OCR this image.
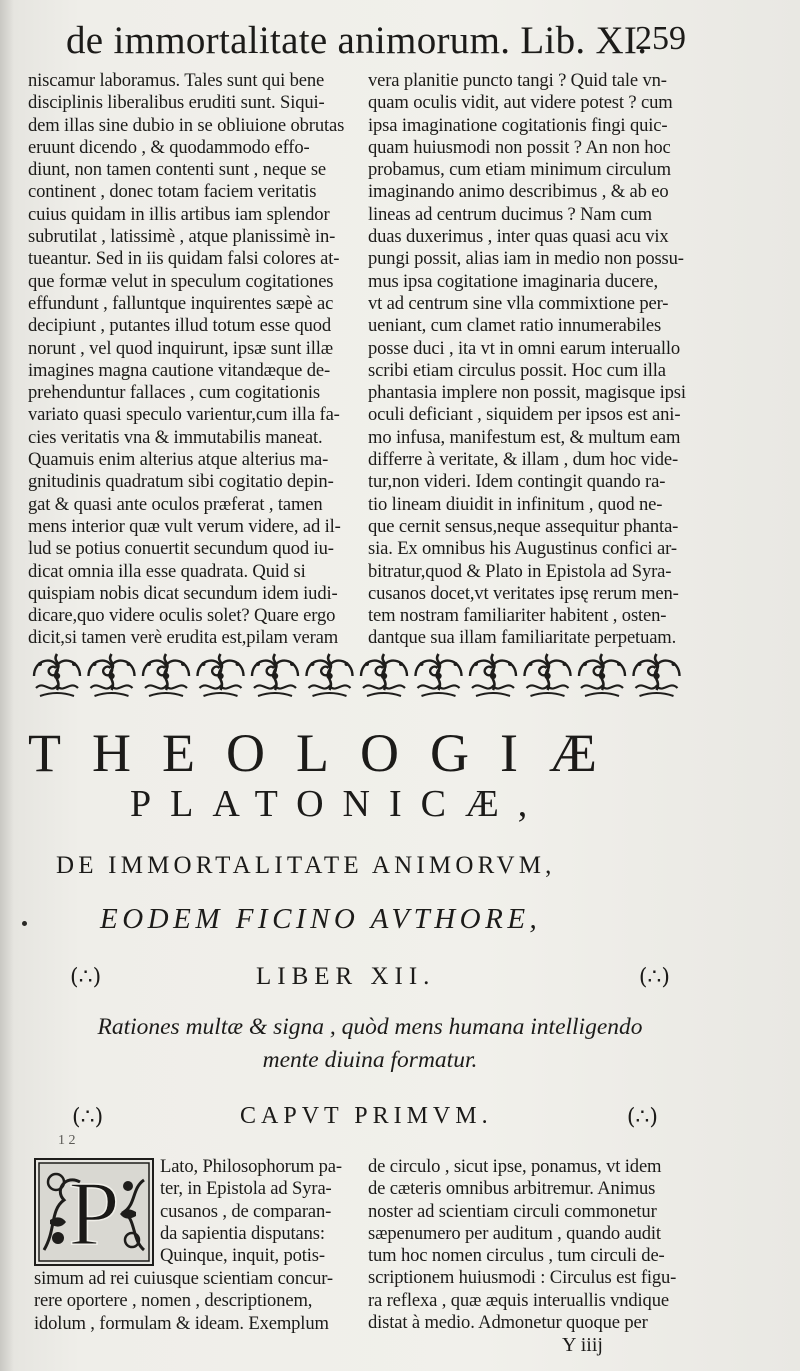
de immortalitate animorum. Lib. XI.
259
niscamur laboramus. Tales sunt qui bene
disciplinis liberalibus eruditi sunt. Siqui-
dem illas sine dubio in se obliuione obrutas
eruunt dicendo , & quodammodo effo-
diunt, non tamen contenti sunt , neque se
continent , donec totam faciem veritatis
cuius quidam in illis artibus iam splendor
subrutilat , latissimè , atque planissimè in-
tueantur. Sed in iis quidam falsi colores at-
que formæ velut in speculum cogitationes
effundunt , falluntque inquirentes sæpè ac
decipiunt , putantes illud totum esse quod
norunt , vel quod inquirunt, ipsæ sunt illæ
imagines magna cautione vitandæque de-
prehenduntur fallaces , cum cogitationis
variato quasi speculo varientur,cum illa fa-
cies veritatis vna & immutabilis maneat.
Quamuis enim alterius atque alterius ma-
gnitudinis quadratum sibi cogitatio depin-
gat & quasi ante oculos præferat , tamen
mens interior quæ vult verum videre, ad il-
lud se potius conuertit secundum quod iu-
dicat omnia illa esse quadrata. Quid si
quispiam nobis dicat secundum idem iudi-
dicare,quo videre oculis solet? Quare ergo
dicit,si tamen verè erudita est,pilam veram
vera planitie puncto tangi ? Quid tale vn-
quam oculis vidit, aut videre potest ? cum
ipsa imaginatione cogitationis fingi quic-
quam huiusmodi non possit ? An non hoc
probamus, cum etiam minimum circulum
imaginando animo describimus , & ab eo
lineas ad centrum ducimus ? Nam cum
duas duxerimus , inter quas quasi acu vix
pungi possit, alias iam in medio non possu-
mus ipsa cogitatione imaginaria ducere,
vt ad centrum sine vlla commixtione per-
ueniant, cum clamet ratio innumerabiles
posse duci , ita vt in omni earum interuallo
scribi etiam circulus possit. Hoc cum illa
phantasia implere non possit, magisque ipsi
oculi deficiant , siquidem per ipsos est ani-
mo infusa, manifestum est, & multum eam
differre à veritate, & illam , dum hoc vide-
tur,non videri. Idem contingit quando ra-
tio lineam diuidit in infinitum , quod ne-
que cernit sensus,neque assequitur phanta-
sia. Ex omnibus his Augustinus confici ar-
bitratur,quod & Plato in Epistola ad Syra-
cusanos docet,vt veritates ipsę rerum men-
tem nostram familiariter habitent , osten-
dantque sua illam familiaritate perpetuam.
THEOLOGIÆ
PLATONICÆ,
DE IMMORTALITATE ANIMORVM,
EODEM FICINO AVTHORE,
(∴)	LIBER XII.	(∴)
Rationes multæ & signa , quòd mens humana intelligendo
mente diuina formatur.
(∴)	CAPVT PRIMVM.	(∴)
1 2
P Lato, Philosophorum pa-
ter, in Epistola ad Syra-
cusanos , de comparan-
da sapientia disputans:
Quinque, inquit, potis-
simum ad rei cuiusque scientiam concur-
rere oportere , nomen , descriptionem,
idolum , formulam & ideam. Exemplum
de circulo , sicut ipse, ponamus, vt idem
de cæteris omnibus arbitremur. Animus
noster ad scientiam circuli commonetur
sæpenumero per auditum , quando audit
tum hoc nomen circulus , tum circuli de-
scriptionem huiusmodi : Circulus est figu-
ra reflexa , quæ æquis interuallis vndique
distat à medio. Admonetur quoque per
Y iiij
